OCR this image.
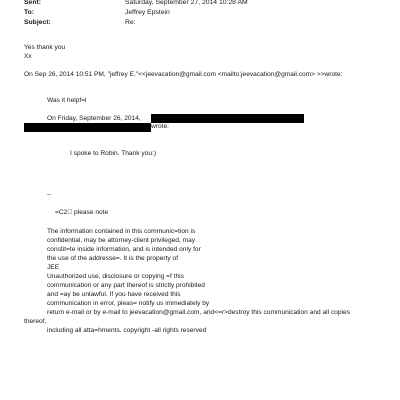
Sent:	Saturday, September 27, 2014 10:28 AM
To:	Jeffrey Epstein
Subject:	Re:
Yes thank you
Xx
On Sep 26, 2014 10:51 PM, "jeffrey E."<<jeevacation@gmail.com <mailto:jeevacation@gmail.com> >>wrote:
Was it helpf=l
On Friday, September 26, 2014,
wrote:
I spoke to Robin. Thank you:)
--
=C2  please note
The information contained in this communic=tion is
confidential, may be attorney-client privileged, may
constit=te inside information, and is intended only for
the use of the addresse=. It is the property of
JEE
Unauthorized use, disclosure or copying =f this
communication or any part thereof is strictly prohibited
and =ay be unlawful. If you have received this
communication in error, pleas= notify us immediately by
return e-mail or by e-mail to jeevacation@gmail.com, and<=r>destroy this communication and all copies
thereof,
including all atta=hments. copyright -all rights reserved
